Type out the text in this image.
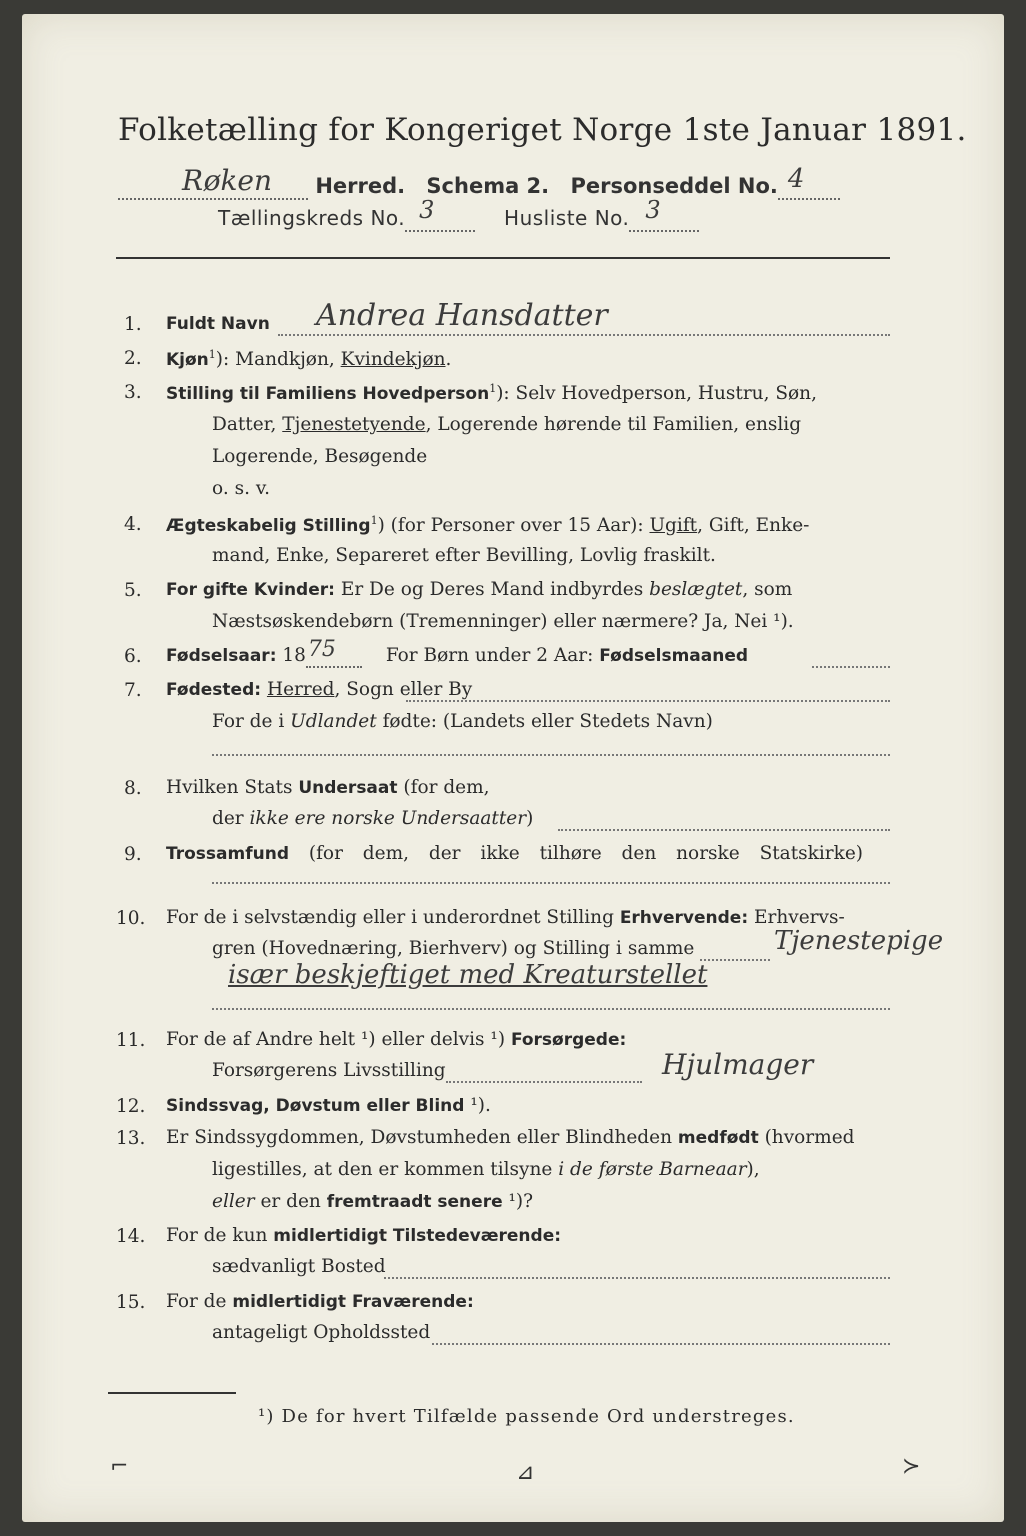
Folketælling for Kongeriget Norge 1ste Januar 1891.
Røken Herred. Schema 2. Personseddel No. 4

Tællingskreds No. 3	Husliste No. 3

1. Fuldt Navn Andrea Hansdatter
2. Kjøn$^1$): Mandkjøn, Kvindekjøn.
3. Stilling til Familiens Hovedperson$^1$): Selv Hovedperson, Hustru, Søn,
Datter, Tjenestetyende, Logerende hørende til Familien, enslig
Logerende, Besøgende
o. s. v.
4. Ægteskabelig Stilling$^1$) (for Personer over 15 Aar): Ugift, Gift, Enke-
mand, Enke, Separeret efter Bevilling, Lovlig fraskilt.
5. For gifte Kvinder: Er De og Deres Mand indbyrdes beslægtet, som
Næstsøskendebørn (Tremenninger) eller nærmere? Ja, Nei ¹).
6. Fødselsaar: 18 75	For Børn under 2 Aar: Fødselsmaaned
7. Fødested: Herred, Sogn eller By
For de i Udlandet fødte: (Landets eller Stedets Navn)
8. Hvilken Stats Undersaat (for dem,
der ikke ere norske Undersaatter)
9. Trossamfund (for dem, der ikke tilhøre den norske Statskirke)
10. For de i selvstændig eller i underordnet Stilling Erhvervende: Erhvervs-
gren (Hovednæring, Bierhverv) og Stilling i samme	Tjenestepige
især beskjeftiget med Kreaturstellet
11. For de af Andre helt ¹) eller delvis ¹) Forsørgede:
Forsørgerens Livsstilling	Hjulmager
12. Sindssvag, Døvstum eller Blind ¹).
13. Er Sindssygdommen, Døvstumheden eller Blindheden medfødt (hvormed
ligestilles, at den er kommen tilsyne i de første Barneaar),
eller er den fremtraadt senere ¹)?
14. For de kun midlertidigt Tilstedeværende:
sædvanligt Bosted
15. For de midlertidigt Fraværende:
antageligt Opholdssted
¹) De for hvert Tilfælde passende Ord understreges.
⌐	⊿	≻
